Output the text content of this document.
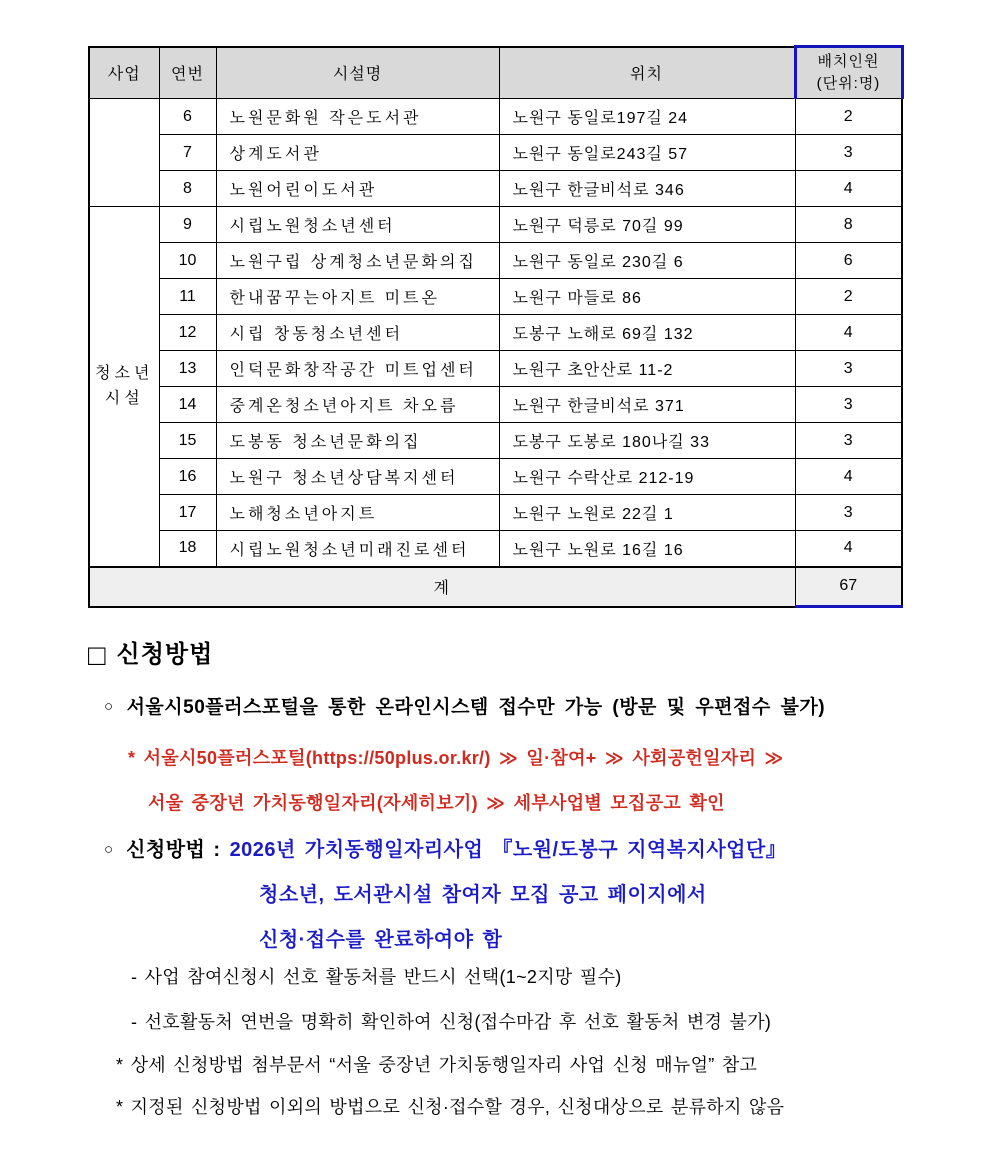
사업	연번	시설명	위치	배치인원
(단위:명)

	6	노원문화원 작은도서관	노원구 동일로197길 24	2
	7	상계도서관	노원구 동일로243길 57	3
	8	노원어린이도서관	노원구 한글비석로 346	4
청소년
시설	9	시립노원청소년센터	노원구 덕릉로 70길 99	8
	10	노원구립 상계청소년문화의집	노원구 동일로 230길 6	6
	11	한내꿈꾸는아지트 미트온	노원구 마들로 86	2
	12	시립 창동청소년센터	도봉구 노해로 69길 132	4
	13	인덕문화창작공간 미트업센터	노원구 초안산로 11-2	3
	14	중계온청소년아지트 차오름	노원구 한글비석로 371	3
	15	도봉동 청소년문화의집	도봉구 도봉로 180나길 33	3
	16	노원구 청소년상담복지센터	노원구 수락산로 212-19	4
	17	노해청소년아지트	노원구 노원로 22길 1	3
	18	시립노원청소년미래진로센터	노원구 노원로 16길 16	4
계				67
□ 신청방법
○ 서울시50플러스포털을 통한 온라인시스템 접수만 가능 (방문 및 우편접수 불가)
* 서울시50플러스포털(https://50plus.or.kr/) ≫ 일·참여+ ≫ 사회공헌일자리 ≫
서울 중장년 가치동행일자리(자세히보기) ≫ 세부사업별 모집공고 확인
○ 신청방법 : 2026년 가치동행일자리사업 『노원/도봉구 지역복지사업단』
청소년, 도서관시설 참여자 모집 공고 페이지에서
신청·접수를 완료하여야 함
- 사업 참여신청시 선호 활동처를 반드시 선택(1~2지망 필수)
- 선호활동처 연번을 명확히 확인하여 신청(접수마감 후 선호 활동처 변경 불가)
* 상세 신청방법 첨부문서 “서울 중장년 가치동행일자리 사업 신청 매뉴얼” 참고
* 지정된 신청방법 이외의 방법으로 신청·접수할 경우, 신청대상으로 분류하지 않음
